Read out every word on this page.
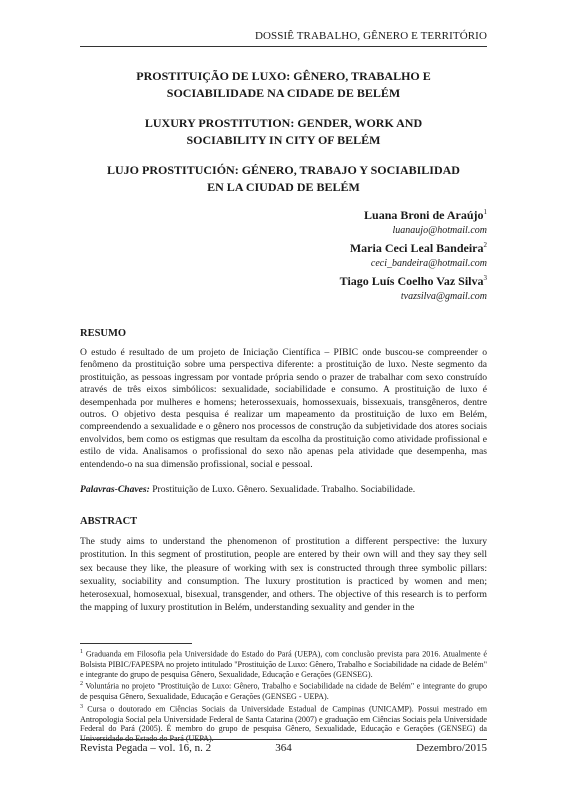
DOSSIÊ TRABALHO, GÊNERO E TERRITÓRIO
PROSTITUIÇÃO DE LUXO: GÊNERO, TRABALHO E
SOCIABILIDADE NA CIDADE DE BELÉM
LUXURY PROSTITUTION: GENDER, WORK AND
SOCIABILITY IN CITY OF BELÉM
LUJO PROSTITUCIÓN: GÉNERO, TRABAJO Y SOCIABILIDAD
EN LA CIUDAD DE BELÉM
Luana Broni de Araújo$^1$
luanaujo@hotmail.com
Maria Ceci Leal Bandeira$^2$
ceci_bandeira@hotmail.com
Tiago Luís Coelho Vaz Silva$^3$
tvazsilva@gmail.com
RESUMO
O estudo é resultado de um projeto de Iniciação Científica – PIBIC onde buscou-se compreender o fenômeno da prostituição sobre uma perspectiva diferente: a prostituição de luxo. Neste segmento da prostituição, as pessoas ingressam por vontade própria sendo o prazer de trabalhar com sexo construído através de três eixos simbólicos: sexualidade, sociabilidade e consumo. A prostituição de luxo é desempenhada por mulheres e homens; heterossexuais, homossexuais, bissexuais, transgêneros, dentre outros. O objetivo desta pesquisa é realizar um mapeamento da prostituição de luxo em Belém, compreendendo a sexualidade e o gênero nos processos de construção da subjetividade dos atores sociais envolvidos, bem como os estigmas que resultam da escolha da prostituição como atividade profissional e estilo de vida. Analisamos o profissional do sexo não apenas pela atividade que desempenha, mas entendendo-o na sua dimensão profissional, social e pessoal.
Palavras-Chaves: Prostituição de Luxo. Gênero. Sexualidade. Trabalho. Sociabilidade.
ABSTRACT
The study aims to understand the phenomenon of prostitution a different perspective: the luxury prostitution. In this segment of prostitution, people are entered by their own will and they say they sell sex because they like, the pleasure of working with sex is constructed through three symbolic pillars: sexuality, sociability and consumption. The luxury prostitution is practiced by women and men; heterosexual, homosexual, bisexual, transgender, and others. The objective of this research is to perform the mapping of luxury prostitution in Belém, understanding sexuality and gender in the

$^1$ Graduanda em Filosofia pela Universidade do Estado do Pará (UEPA), com conclusão prevista para 2016. Atualmente é Bolsista PIBIC/FAPESPA no projeto intitulado "Prostituição de Luxo: Gênero, Trabalho e Sociabilidade na cidade de Belém" e integrante do grupo de pesquisa Gênero, Sexualidade, Educação e Gerações (GENSEG).

$^2$ Voluntária no projeto "Prostituição de Luxo: Gênero, Trabalho e Sociabilidade na cidade de Belém" e integrante do grupo de pesquisa Gênero, Sexualidade, Educação e Gerações (GENSEG - UEPA).

$^3$ Cursa o doutorado em Ciências Sociais da Universidade Estadual de Campinas (UNICAMP). Possui mestrado em Antropologia Social pela Universidade Federal de Santa Catarina (2007) e graduação em Ciências Sociais pela Universidade Federal do Pará (2005). É membro do grupo de pesquisa Gênero, Sexualidade, Educação e Gerações (GENSEG) da Universidade do Estado do Pará (UEPA).

Revista Pegada – vol. 16, n. 2	364	Dezembro/2015
